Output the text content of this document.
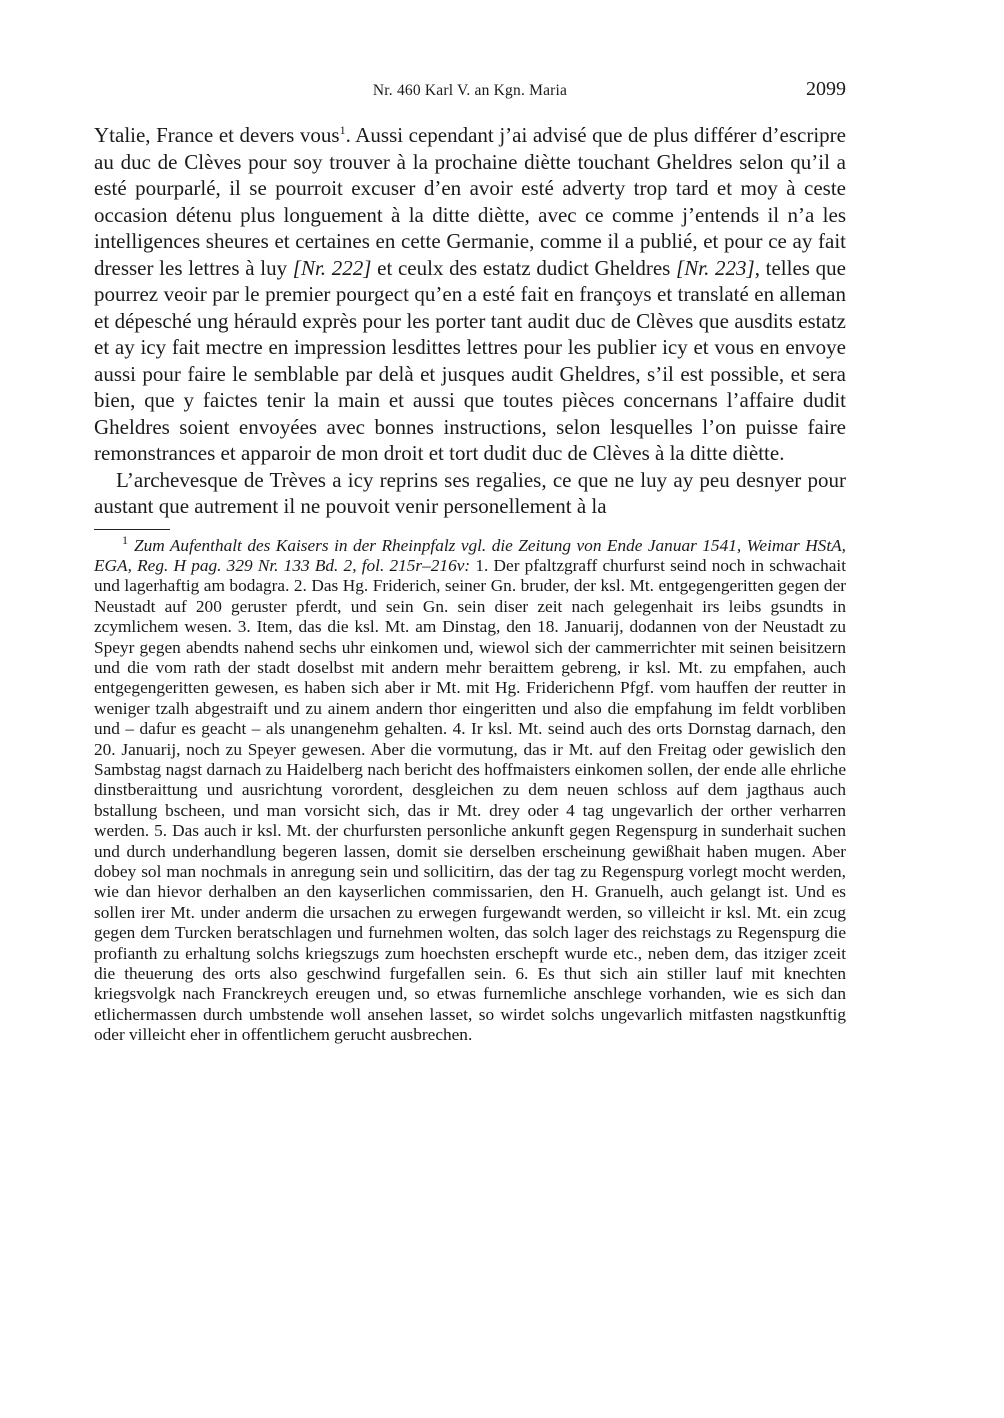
Nr. 460 Karl V. an Kgn. Maria	2099

Ytalie, France et devers vous$^1$. Aussi cependant j’ai advisé que de plus différer d’escripre au duc de Clèves pour soy trouver à la prochaine diètte touchant Gheldres selon qu’il a esté pourparlé, il se pourroit excuser d’en avoir esté adverty trop tard et moy à ceste occasion détenu plus longuement à la ditte diètte, avec ce comme j’entends il n’a les intelligences sheures et certaines en cette Germanie, comme il a publié, et pour ce ay fait dresser les lettres à luy [Nr. 222] et ceulx des estatz dudict Gheldres [Nr. 223], telles que pourrez veoir par le premier pourgect qu’en a esté fait en françoys et translaté en alleman et dépesché ung hérauld exprès pour les porter tant audit duc de Clèves que ausdits estatz et ay icy fait mectre en impression lesdittes lettres pour les publier icy et vous en envoye aussi pour faire le semblable par delà et jusques audit Gheldres, s’il est possible, et sera bien, que y faictes tenir la main et aussi que toutes pièces concernans l’affaire dudit Gheldres soient envoyées avec bonnes instructions, selon lesquelles l’on puisse faire remonstrances et apparoir de mon droit et tort dudit duc de Clèves à la ditte diètte.

L’archevesque de Trèves a icy reprins ses regalies, ce que ne luy ay peu desnyer pour austant que autrement il ne pouvoit venir personellement à la

$^1$ Zum Aufenthalt des Kaisers in der Rheinpfalz vgl. die Zeitung von Ende Januar 1541, Weimar HStA, EGA, Reg. H pag. 329 Nr. 133 Bd. 2, fol. 215r–216v: 1. Der pfaltzgraff churfurst seind noch in schwachait und lagerhaftig am bodagra. 2. Das Hg. Friderich, seiner Gn. bruder, der ksl. Mt. entgegengeritten gegen der Neustadt auf 200 geruster pferdt, und sein Gn. sein diser zeit nach gelegenhait irs leibs gsundts in zcymlichem wesen. 3. Item, das die ksl. Mt. am Dinstag, den 18. Januarij, dodannen von der Neustadt zu Speyr gegen abendts nahend sechs uhr einkomen und, wiewol sich der cammerrichter mit seinen beisitzern und die vom rath der stadt doselbst mit andern mehr beraittem gebreng, ir ksl. Mt. zu empfahen, auch entgegengeritten gewesen, es haben sich aber ir Mt. mit Hg. Friderichenn Pfgf. vom hauffen der reutter in weniger tzalh abgestraift und zu ainem andern thor eingeritten und also die empfahung im feldt vorbliben und – dafur es geacht – als unangenehm gehalten. 4. Ir ksl. Mt. seind auch des orts Dornstag darnach, den 20. Januarij, noch zu Speyer gewesen. Aber die vormutung, das ir Mt. auf den Freitag oder gewislich den Sambstag nagst darnach zu Haidelberg nach bericht des hoffmaisters einkomen sollen, der ende alle ehrliche dinstberaittung und ausrichtung vorordent, desgleichen zu dem neuen schloss auf dem jagthaus auch bstallung bscheen, und man vorsicht sich, das ir Mt. drey oder 4 tag ungevarlich der orther verharren werden. 5. Das auch ir ksl. Mt. der churfursten personliche ankunft gegen Regenspurg in sunderhait suchen und durch underhandlung begeren lassen, domit sie derselben erscheinung gewißhait haben mugen. Aber dobey sol man nochmals in anregung sein und sollicitirn, das der tag zu Regenspurg vorlegt mocht werden, wie dan hievor derhalben an den kayserlichen commissarien, den H. Granuelh, auch gelangt ist. Und es sollen irer Mt. under anderm die ursachen zu erwegen furgewandt werden, so villeicht ir ksl. Mt. ein zcug gegen dem Turcken beratschlagen und furnehmen wolten, das solch lager des reichstags zu Regenspurg die profianth zu erhaltung solchs kriegszugs zum hoechsten erschepft wurde etc., neben dem, das itziger zceit die theuerung des orts also geschwind furgefallen sein. 6. Es thut sich ain stiller lauf mit knechten kriegsvolgk nach Franckreych ereugen und, so etwas furnemliche anschlege vorhanden, wie es sich dan etlichermassen durch umbstende woll ansehen lasset, so wirdet solchs ungevarlich mitfasten nagstkunftig oder villeicht eher in offentlichem gerucht ausbrechen.
